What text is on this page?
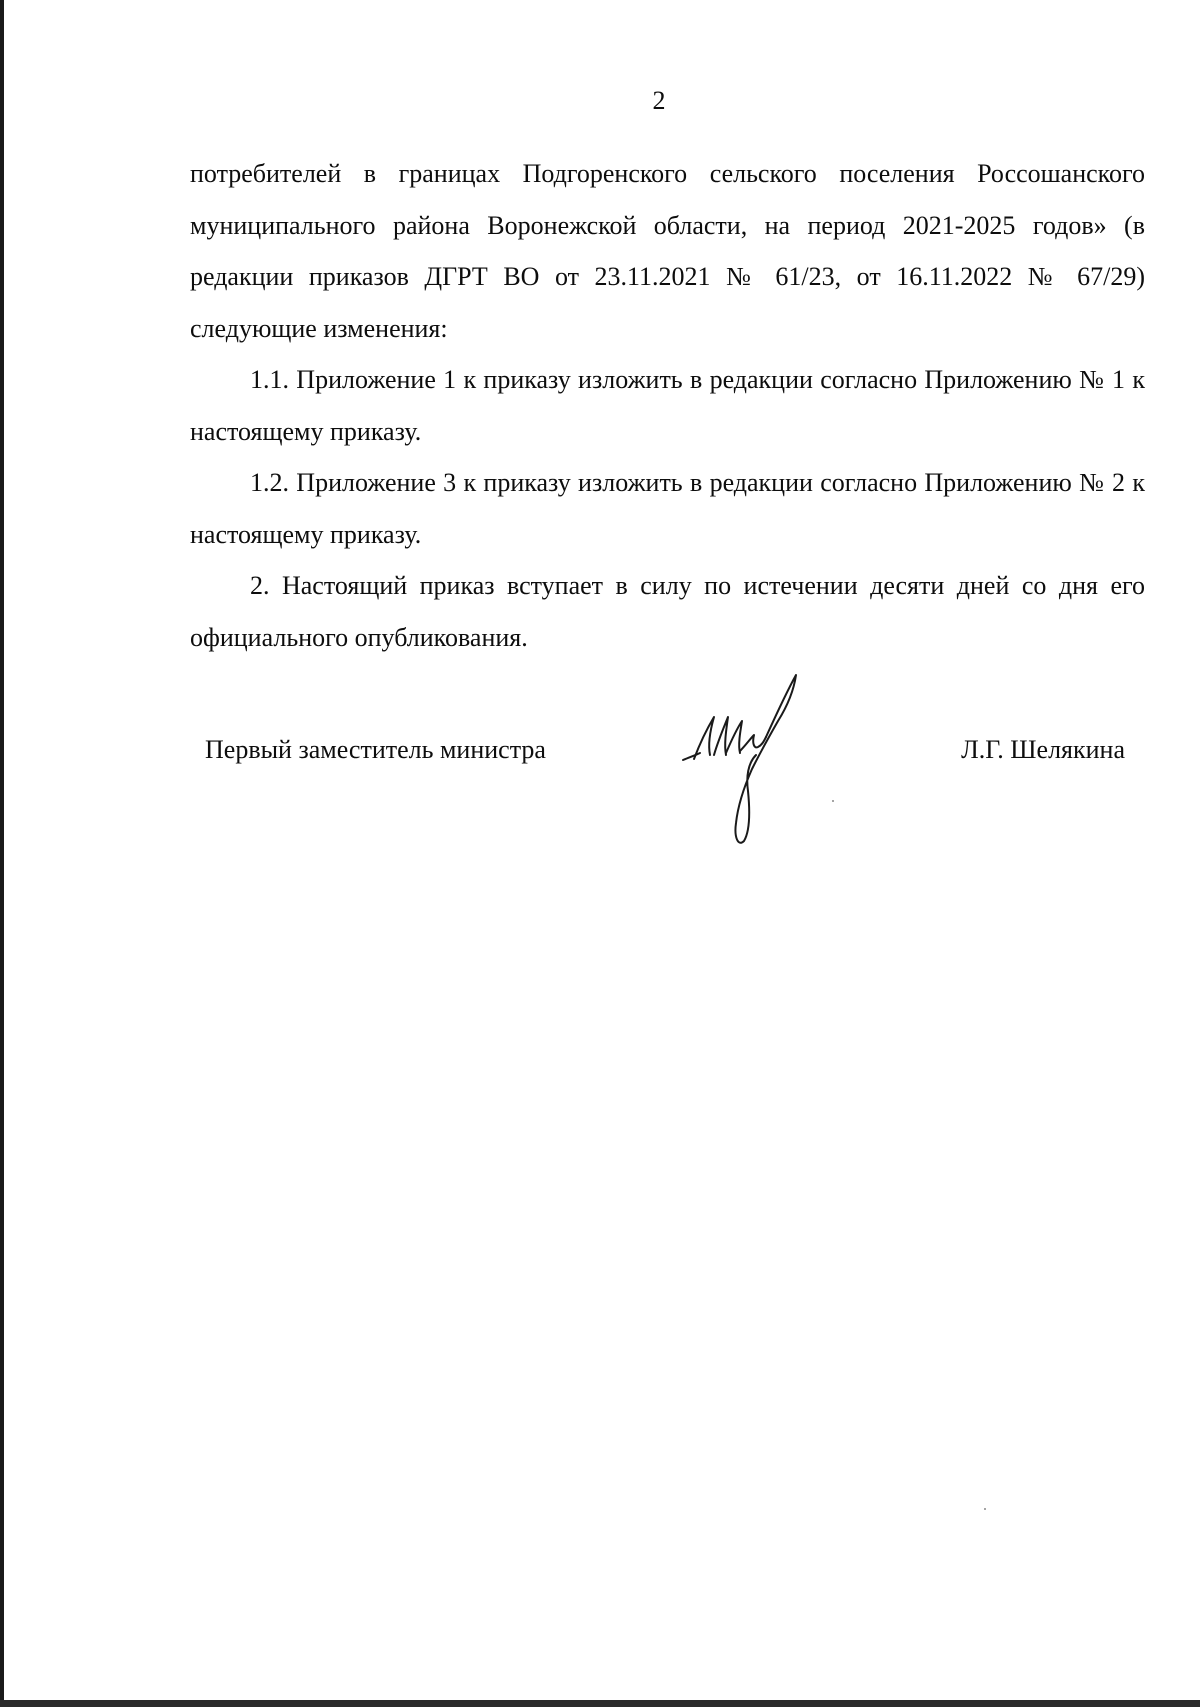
2

потребителей в границах Подгоренского сельского поселения Россошанского муниципального района Воронежской области, на период 2021-2025 годов» (в редакции приказов ДГРТ ВО от 23.11.2021 № 61/23, от 16.11.2022 № 67/29) следующие изменения:

1.1. Приложение 1 к приказу изложить в редакции согласно Приложению № 1 к настоящему приказу.

1.2. Приложение 3 к приказу изложить в редакции согласно Приложению № 2 к настоящему приказу.

2. Настоящий приказ вступает в силу по истечении десяти дней со дня его официального опубликования.

Первый заместитель министра	Л.Г. Шелякина
